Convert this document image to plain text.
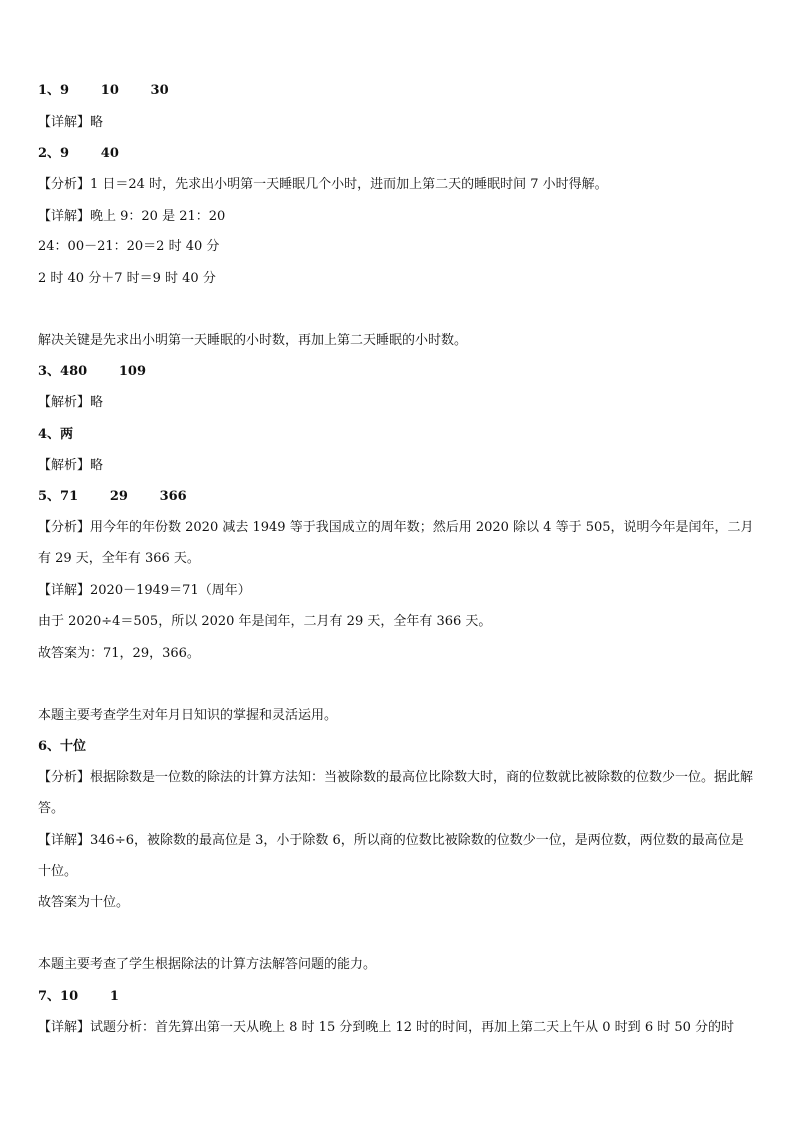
1、9       10       30
【详解】略
2、9       40
【分析】1 日＝24 时，先求出小明第一天睡眠几个小时，进而加上第二天的睡眠时间 7 小时得解。
【详解】晚上 9：20 是 21：20
24：00－21：20＝2 时 40 分
2 时 40 分＋7 时＝9 时 40 分
解决关键是先求出小明第一天睡眠的小时数，再加上第二天睡眠的小时数。
3、480       109
【解析】略
4、两
【解析】略
5、71       29       366
【分析】用今年的年份数 2020 减去 1949 等于我国成立的周年数；然后用 2020 除以 4 等于 505，说明今年是闰年，二月有 29 天，全年有 366 天。
【详解】2020－1949＝71（周年）
由于 2020÷4＝505，所以 2020 年是闰年，二月有 29 天，全年有 366 天。
故答案为：71，29，366。
本题主要考查学生对年月日知识的掌握和灵活运用。
6、十位
【分析】根据除数是一位数的除法的计算方法知：当被除数的最高位比除数大时，商的位数就比被除数的位数少一位。据此解答。
【详解】346÷6，被除数的最高位是 3，小于除数 6，所以商的位数比被除数的位数少一位，是两位数，两位数的最高位是十位。
故答案为十位。
本题主要考查了学生根据除法的计算方法解答问题的能力。
7、10       1
【详解】试题分析：首先算出第一天从晚上 8 时 15 分到晚上 12 时的时间，再加上第二天上午从 0 时到 6 时 50 分的时
